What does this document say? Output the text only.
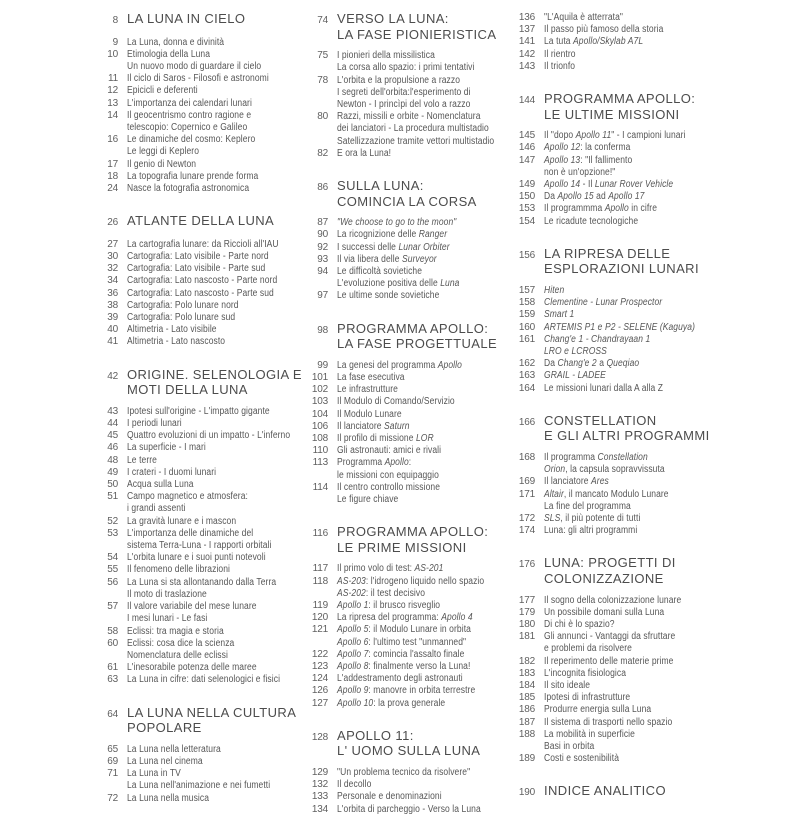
8 LA LUNA IN CIELO
9 La Luna, donna e divinità
10 Etimologia della Luna
Un nuovo modo di guardare il cielo
11 Il ciclo di Saros - Filosofi e astronomi
12 Epicicli e deferenti
13 L'importanza dei calendari lunari
14 Il geocentrismo contro ragione e
telescopio: Copernico e Galileo
16 Le dinamiche del cosmo: Keplero
Le leggi di Keplero
17 Il genio di Newton
18 La topografia lunare prende forma
24 Nasce la fotografia astronomica
26 ATLANTE DELLA LUNA
27 La cartografia lunare: da Riccioli all'IAU
30 Cartografia: Lato visibile - Parte nord
32 Cartografia: Lato visibile - Parte sud
34 Cartografia: Lato nascosto - Parte nord
36 Cartografia: Lato nascosto - Parte sud
38 Cartografia: Polo lunare nord
39 Cartografia: Polo lunare sud
40 Altimetria - Lato visibile
41 Altimetria - Lato nascosto
42 ORIGINE. SELENOLOGIA E
MOTI DELLA LUNA
43 Ipotesi sull'origine - L'impatto gigante
44 I periodi lunari
45 Quattro evoluzioni di un impatto - L'inferno
46 La superficie - I mari
48 Le terre
49 I crateri - I duomi lunari
50 Acqua sulla Luna
51 Campo magnetico e atmosfera:
i grandi assenti
52 La gravità lunare e i mascon
53 L'importanza delle dinamiche del
sistema Terra-Luna - I rapporti orbitali
54 L'orbita lunare e i suoi punti notevoli
55 Il fenomeno delle librazioni
56 La Luna si sta allontanando dalla Terra
Il moto di traslazione
57 Il valore variabile del mese lunare
I mesi lunari - Le fasi
58 Eclissi: tra magia e storia
60 Eclissi: cosa dice la scienza
Nomenclatura delle eclissi
61 L'inesorabile potenza delle maree
63 La Luna in cifre: dati selenologici e fisici
64 LA LUNA NELLA CULTURA
POPOLARE
65 La Luna nella letteratura
69 La Luna nel cinema
71 La Luna in TV
La Luna nell'animazione e nei fumetti
72 La Luna nella musica
74 VERSO LA LUNA:
LA FASE PIONIERISTICA
75 I pionieri della missilistica
La corsa allo spazio: i primi tentativi
78 L'orbita e la propulsione a razzo
I segreti dell'orbita:l'esperimento di
Newton - I princìpi del volo a razzo
80 Razzi, missili e orbite - Nomenclatura
dei lanciatori - La procedura multistadio
Satellizzazione tramite vettori multistadio
82 E ora la Luna!
86 SULLA LUNA:
COMINCIA LA CORSA
87 "We choose to go to the moon"
90 La ricognizione delle Ranger
92 I successi delle Lunar Orbiter
93 Il via libera delle Surveyor
94 Le difficoltà sovietiche
L'evoluzione positiva delle Luna
97 Le ultime sonde sovietiche
98 PROGRAMMA APOLLO:
LA FASE PROGETTUALE
99 La genesi del programma Apollo
101 La fase esecutiva
102 Le infrastrutture
103 Il Modulo di Comando/Servizio
104 Il Modulo Lunare
106 Il lanciatore Saturn
108 Il profilo di missione LOR
110 Gli astronauti: amici e rivali
113 Programma Apollo:
le missioni con equipaggio
114 Il centro controllo missione
Le figure chiave
116 PROGRAMMA APOLLO:
LE PRIME MISSIONI
117 Il primo volo di test: AS-201
118 AS-203: l'idrogeno liquido nello spazio
AS-202: il test decisivo
119 Apollo 1: il brusco risveglio
120 La ripresa del programma: Apollo 4
121 Apollo 5: il Modulo Lunare in orbita
Apollo 6: l'ultimo test "unmanned"
122 Apollo 7: comincia l'assalto finale
123 Apollo 8: finalmente verso la Luna!
124 L'addestramento degli astronauti
126 Apollo 9: manovre in orbita terrestre
127 Apollo 10: la prova generale
128 APOLLO 11:
L' UOMO SULLA LUNA
129 "Un problema tecnico da risolvere"
132 Il decollo
133 Personale e denominazioni
134 L'orbita di parcheggio - Verso la Luna
136 "L'Aquila è atterrata"
137 Il passo più famoso della storia
141 La tuta Apollo/Skylab A7L
142 Il rientro
143 Il trionfo
144 PROGRAMMA APOLLO:
LE ULTIME MISSIONI
145 Il "dopo Apollo 11" - I campioni lunari
146 Apollo 12: la conferma
147 Apollo 13: "Il fallimento
non è un'opzione!"
149 Apollo 14 - Il Lunar Rover Vehicle
150 Da Apollo 15 ad Apollo 17
153 Il programmma Apollo in cifre
154 Le ricadute tecnologiche
156 LA RIPRESA DELLE
ESPLORAZIONI LUNARI
157 Hiten
158 Clementine - Lunar Prospector
159 Smart 1
160 ARTEMIS P1 e P2 - SELENE (Kaguya)
161 Chang'e 1 - Chandrayaan 1
LRO e LCROSS
162 Da Chang'e 2 a Queqiao
163 GRAIL - LADEE
164 Le missioni lunari dalla A alla Z
166 CONSTELLATION
E GLI ALTRI PROGRAMMI
168 Il programma Constellation
Orion, la capsula sopravvissuta
169 Il lanciatore Ares
171 Altair, il mancato Modulo Lunare
La fine del programma
172 SLS, il più potente di tutti
174 Luna: gli altri programmi
176 LUNA: PROGETTI DI
COLONIZZAZIONE
177 Il sogno della colonizzazione lunare
179 Un possibile domani sulla Luna
180 Di chi è lo spazio?
181 Gli annunci - Vantaggi da sfruttare
e problemi da risolvere
182 Il reperimento delle materie prime
183 L'incognita fisiologica
184 Il sito ideale
185 Ipotesi di infrastrutture
186 Produrre energia sulla Luna
187 Il sistema di trasporti nello spazio
188 La mobilità in superficie
Basi in orbita
189 Costi e sostenibilità
190 INDICE ANALITICO
